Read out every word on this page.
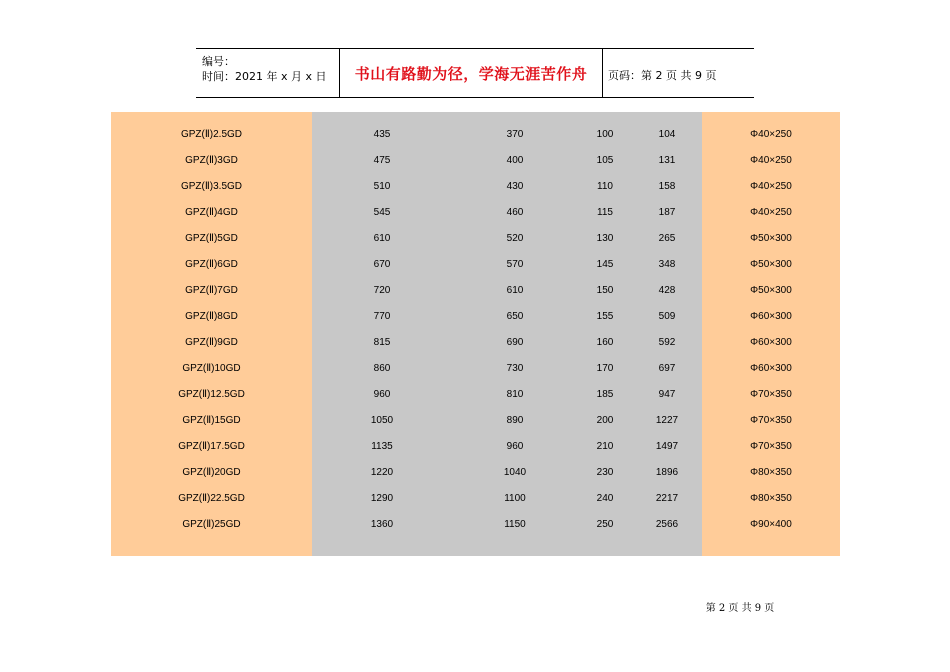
编号：
时间：2021 年 x 月 x 日 书山有路勤为径，学海无涯苦作舟 页码：第 2 页 共 9 页
GPZ(Ⅱ)2.5GD	435	370	100	104	Φ40×250
GPZ(Ⅱ)3GD	475	400	105	131	Φ40×250
GPZ(Ⅱ)3.5GD	510	430	110	158	Φ40×250
GPZ(Ⅱ)4GD	545	460	115	187	Φ40×250
GPZ(Ⅱ)5GD	610	520	130	265	Φ50×300
GPZ(Ⅱ)6GD	670	570	145	348	Φ50×300
GPZ(Ⅱ)7GD	720	610	150	428	Φ50×300
GPZ(Ⅱ)8GD	770	650	155	509	Φ60×300
GPZ(Ⅱ)9GD	815	690	160	592	Φ60×300
GPZ(Ⅱ)10GD	860	730	170	697	Φ60×300
GPZ(Ⅱ)12.5GD	960	810	185	947	Φ70×350
GPZ(Ⅱ)15GD	1050	890	200	1227	Φ70×350
GPZ(Ⅱ)17.5GD	1135	960	210	1497	Φ70×350
GPZ(Ⅱ)20GD	1220	1040	230	1896	Φ80×350
GPZ(Ⅱ)22.5GD	1290	1100	240	2217	Φ80×350
GPZ(Ⅱ)25GD	1360	1150	250	2566	Φ90×400
第 2 页 共 9 页
